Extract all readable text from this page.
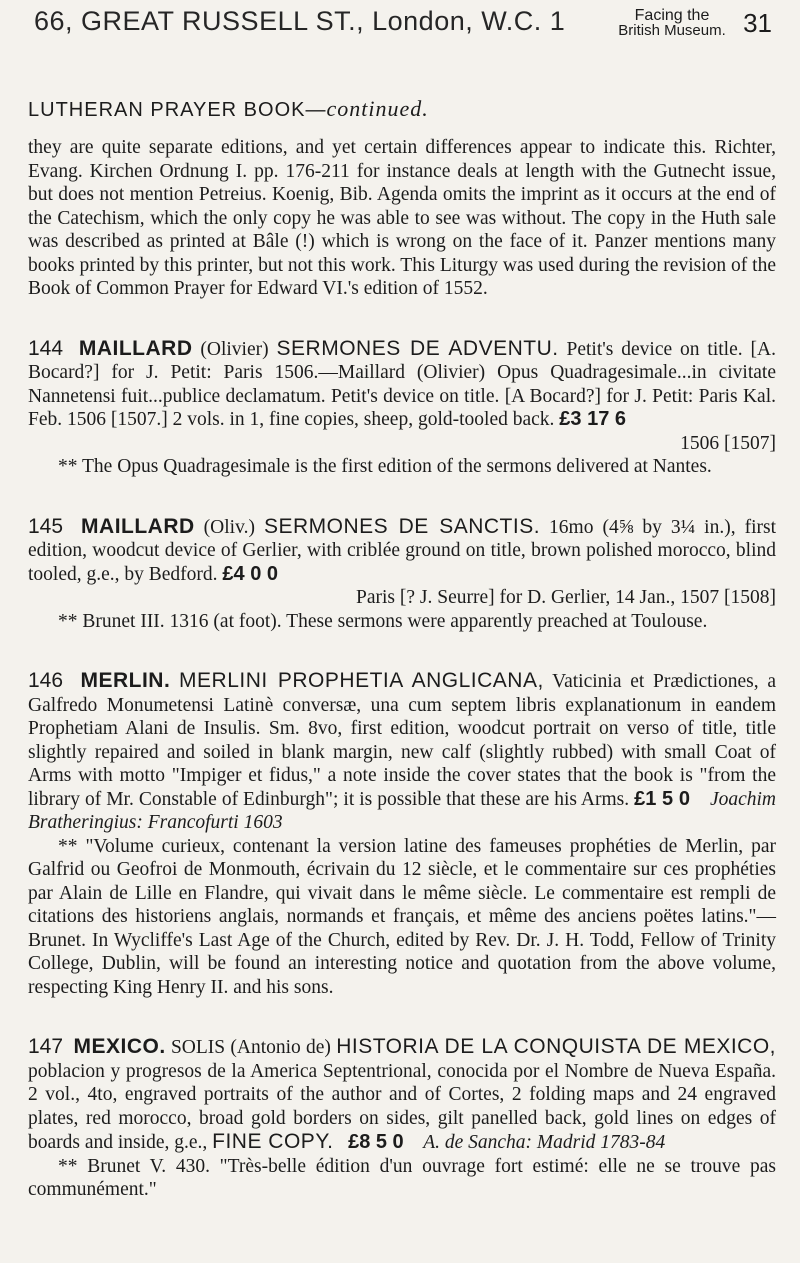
66, GREAT RUSSELL ST., London, W.C. 1	Facing the
British Museum. 31

LUTHERAN PRAYER BOOK—continued.

they are quite separate editions, and yet certain differences appear to indicate this. Richter, Evang. Kirchen Ordnung I. pp. 176-211 for instance deals at length with the Gutnecht issue, but does not mention Petreius. Koenig, Bib. Agenda omits the imprint as it occurs at the end of the Catechism, which the only copy he was able to see was without. The copy in the Huth sale was described as printed at Bâle (!) which is wrong on the face of it. Panzer mentions many books printed by this printer, but not this work. This Liturgy was used during the revision of the Book of Common Prayer for Edward VI.'s edition of 1552.

144 MAILLARD (Olivier) SERMONES DE ADVENTU. Petit's device on title. [A. Bocard?] for J. Petit: Paris 1506.—Maillard (Olivier) Opus Quadragesimale...in civitate Nannetensi fuit...publice declamatum. Petit's device on title. [A Bocard?] for J. Petit: Paris Kal. Feb. 1506 [1507.] 2 vols. in 1, fine copies, sheep, gold-tooled back. £3 17 6

1506 [1507]

** The Opus Quadragesimale is the first edition of the sermons delivered at Nantes.

145 MAILLARD (Oliv.) SERMONES DE SANCTIS. 16mo (4⅝ by 3¼ in.), first edition, woodcut device of Gerlier, with criblée ground on title, brown polished morocco, blind tooled, g.e., by Bedford. £4 0 0

Paris [? J. Seurre] for D. Gerlier, 14 Jan., 1507 [1508]

** Brunet III. 1316 (at foot). These sermons were apparently preached at Toulouse.

146 MERLIN. MERLINI PROPHETIA ANGLICANA, Vaticinia et Prædictiones, a Galfredo Monumetensi Latinè conversæ, una cum septem libris explanationum in eandem Prophetiam Alani de Insulis. Sm. 8vo, first edition, woodcut portrait on verso of title, title slightly repaired and soiled in blank margin, new calf (slightly rubbed) with small Coat of Arms with motto "Impiger et fidus," a note inside the cover states that the book is "from the library of Mr. Constable of Edinburgh"; it is possible that these are his Arms. £1 5 0 Joachim Bratheringius: Francofurti 1603

** "Volume curieux, contenant la version latine des fameuses prophéties de Merlin, par Galfrid ou Geofroi de Monmouth, écrivain du 12 siècle, et le commentaire sur ces prophéties par Alain de Lille en Flandre, qui vivait dans le même siècle. Le commentaire est rempli de citations des historiens anglais, normands et français, et même des anciens poëtes latins."—Brunet. In Wycliffe's Last Age of the Church, edited by Rev. Dr. J. H. Todd, Fellow of Trinity College, Dublin, will be found an interesting notice and quotation from the above volume, respecting King Henry II. and his sons.

147 MEXICO. SOLIS (Antonio de) HISTORIA DE LA CONQUISTA DE MEXICO, poblacion y progresos de la America Septentrional, conocida por el Nombre de Nueva España. 2 vol., 4to, engraved portraits of the author and of Cortes, 2 folding maps and 24 engraved plates, red morocco, broad gold borders on sides, gilt panelled back, gold lines on edges of boards and inside, g.e., FINE COPY. £8 5 0 A. de Sancha: Madrid 1783-84

** Brunet V. 430. "Très-belle édition d'un ouvrage fort estimé: elle ne se trouve pas communément."
